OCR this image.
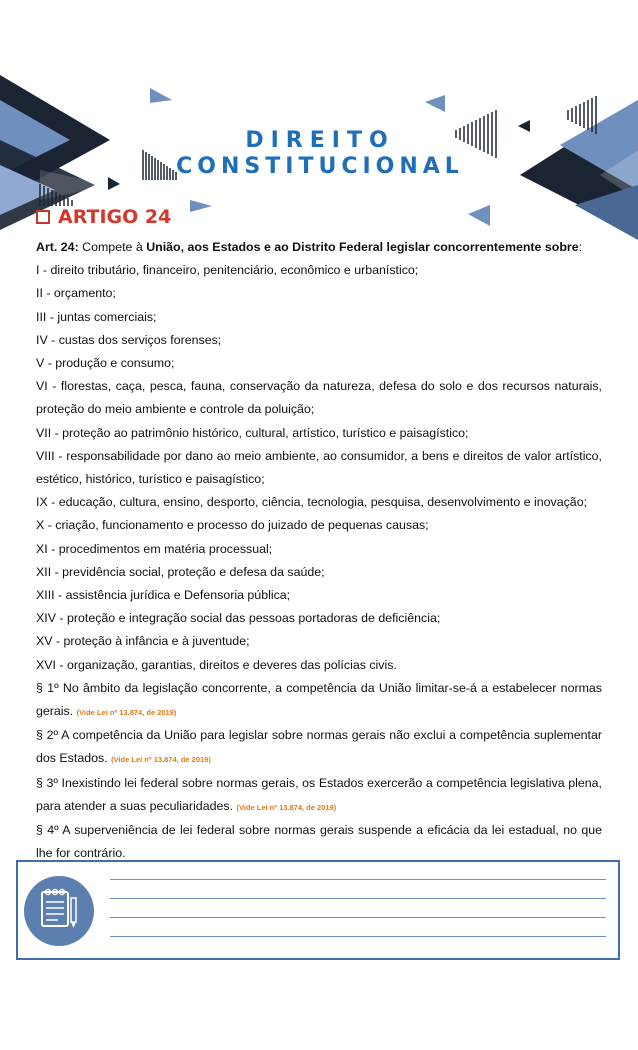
DIREITO
CONSTITUCIONAL
ARTIGO 24

Art. 24: Compete à União, aos Estados e ao Distrito Federal legislar concorrentemente sobre:

I - direito tributário, financeiro, penitenciário, econômico e urbanístico;

II - orçamento;

III - juntas comerciais;

IV - custas dos serviços forenses;

V - produção e consumo;

VI - florestas, caça, pesca, fauna, conservação da natureza, defesa do solo e dos recursos naturais, proteção do meio ambiente e controle da poluição;

VII - proteção ao patrimônio histórico, cultural, artístico, turístico e paisagístico;

VIII - responsabilidade por dano ao meio ambiente, ao consumidor, a bens e direitos de valor artístico, estético, histórico, turístico e paisagístico;

IX - educação, cultura, ensino, desporto, ciência, tecnologia, pesquisa, desenvolvimento e inovação;

X - criação, funcionamento e processo do juizado de pequenas causas;

XI - procedimentos em matéria processual;

XII - previdência social, proteção e defesa da saúde;

XIII - assistência jurídica e Defensoria pública;

XIV - proteção e integração social das pessoas portadoras de deficiência;

XV - proteção à infância e à juventude;

XVI - organização, garantias, direitos e deveres das polícias civis.

§ 1º No âmbito da legislação concorrente, a competência da União limitar-se-á a estabelecer normas gerais. (Vide Lei nº 13.874, de 2019)

§ 2º A competência da União para legislar sobre normas gerais não exclui a competência suplementar dos Estados. (Vide Lei nº 13.874, de 2019)

§ 3º Inexistindo lei federal sobre normas gerais, os Estados exercerão a competência legislativa plena, para atender a suas peculiaridades. (Vide Lei nº 13.874, de 2019)

§ 4º A superveniência de lei federal sobre normas gerais suspende a eficácia da lei estadual, no que lhe for contrário.
